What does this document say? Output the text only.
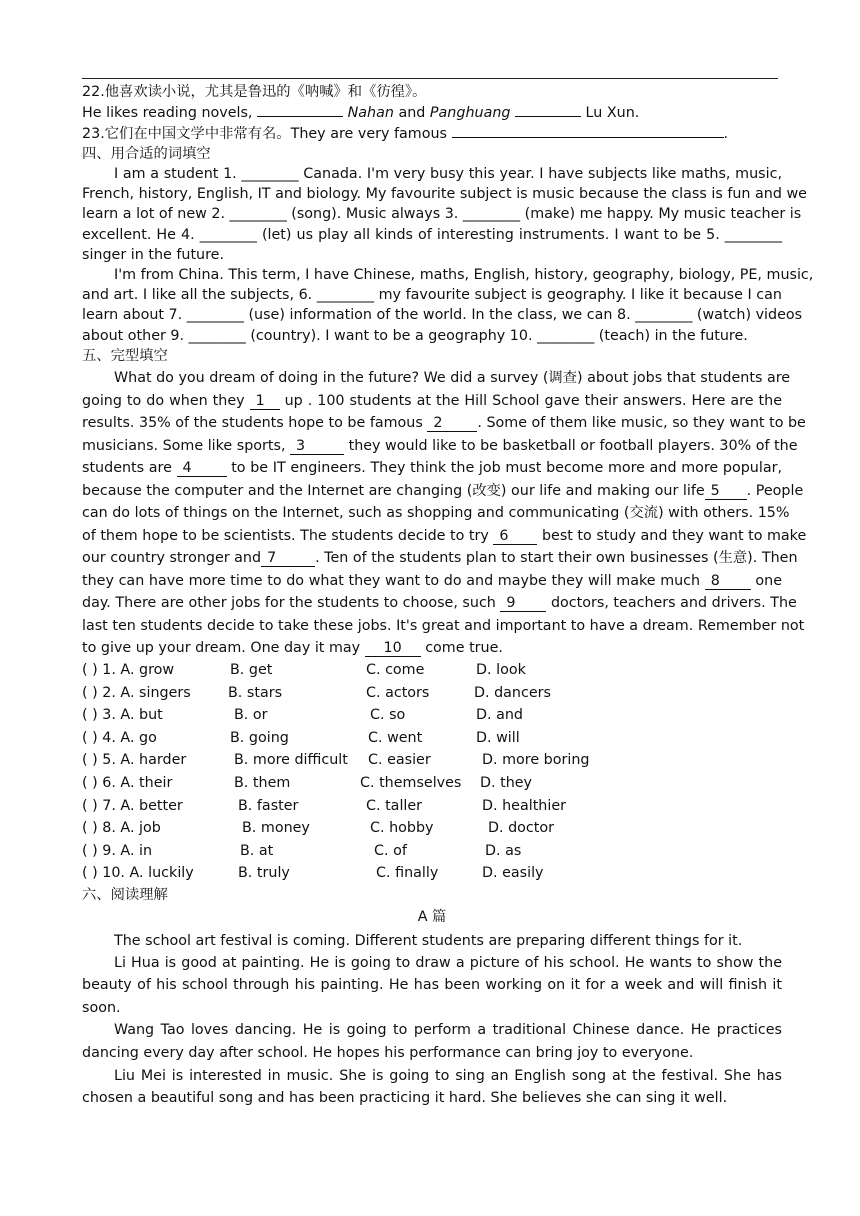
22.他喜欢读小说，尤其是鲁迅的《呐喊》和《彷徨》。
He likes reading novels,	Nahan and Panghuang	Lu Xun.
23.它们在中国文学中非常有名。They are very famous	.
四、用合适的词填空
I am a student 1. ________ Canada. I'm very busy this year. I have subjects like maths, music,
French, history, English, IT and biology. My favourite subject is music because the class is fun and we
learn a lot of new 2. ________ (song). Music always 3. ________ (make) me happy. My music teacher is
excellent. He 4. ________ (let) us play all kinds of interesting instruments. I want to be 5. ________
singer in the future.
I'm from China. This term, I have Chinese, maths, English, history, geography, biology, PE, music,
and art. I like all the subjects, 6. ________ my favourite subject is geography. I like it because I can
learn about 7. ________ (use) information of the world. In the class, we can 8. ________ (watch) videos
about other 9. ________ (country). I want to be a geography 10. ________ (teach) in the future.
五、完型填空
What do you dream of doing in the future? We did a survey (调查) about jobs that students are
going to do when they 1 up . 100 students at the Hill School gave their answers. Here are the
results. 35% of the students hope to be famous 2 . Some of them like music, so they want to be
musicians. Some like sports, 3	they would like to be basketball or football players. 30% of the
students are 4 to be IT engineers. They think the job must become more and more popular,
because the computer and the Internet are changing (改变) our life and making our life 5 . People
can do lots of things on the Internet, such as shopping and communicating (交流) with others. 15%
of them hope to be scientists. The students decide to try 6 best to study and they want to make
our country stronger and 7	. Ten of the students plan to start their own businesses (生意). Then
they can have more time to do what they want to do and maybe they will make much 8 one
day. There are other jobs for the students to choose, such 9 doctors, teachers and drivers. The
last ten students decide to take these jobs. It's great and important to have a dream. Remember not
to give up your dream. One day it may 10 come true.
( ) 1. A. grow	B. get	C. come	D. look
( ) 2. A. singers	B. stars	C. actors	D. dancers
( ) 3. A. but	B. or	C. so	D. and
( ) 4. A. go	B. going	C. went	D. will
( ) 5. A. harder	B. more difficult C. easier	D. more boring
( ) 6. A. their	B. them	C. themselves D. they
( ) 7. A. better	B. faster	C. taller	D. healthier
( ) 8. A. job	B. money	C. hobby	D. doctor
( ) 9. A. in	B. at	C. of	D. as
( ) 10. A. luckily	B. truly	C. finally	D. easily
六、阅读理解
A 篇
The school art festival is coming. Different students are preparing different things for it.
Li Hua is good at painting. He is going to draw a picture of his school. He wants to show the
beauty of his school through his painting. He has been working on it for a week and will finish it
soon.
Wang Tao loves dancing. He is going to perform a traditional Chinese dance. He practices
dancing every day after school. He hopes his performance can bring joy to everyone.
Liu Mei is interested in music. She is going to sing an English song at the festival. She has
chosen a beautiful song and has been practicing it hard. She believes she can sing it well.
